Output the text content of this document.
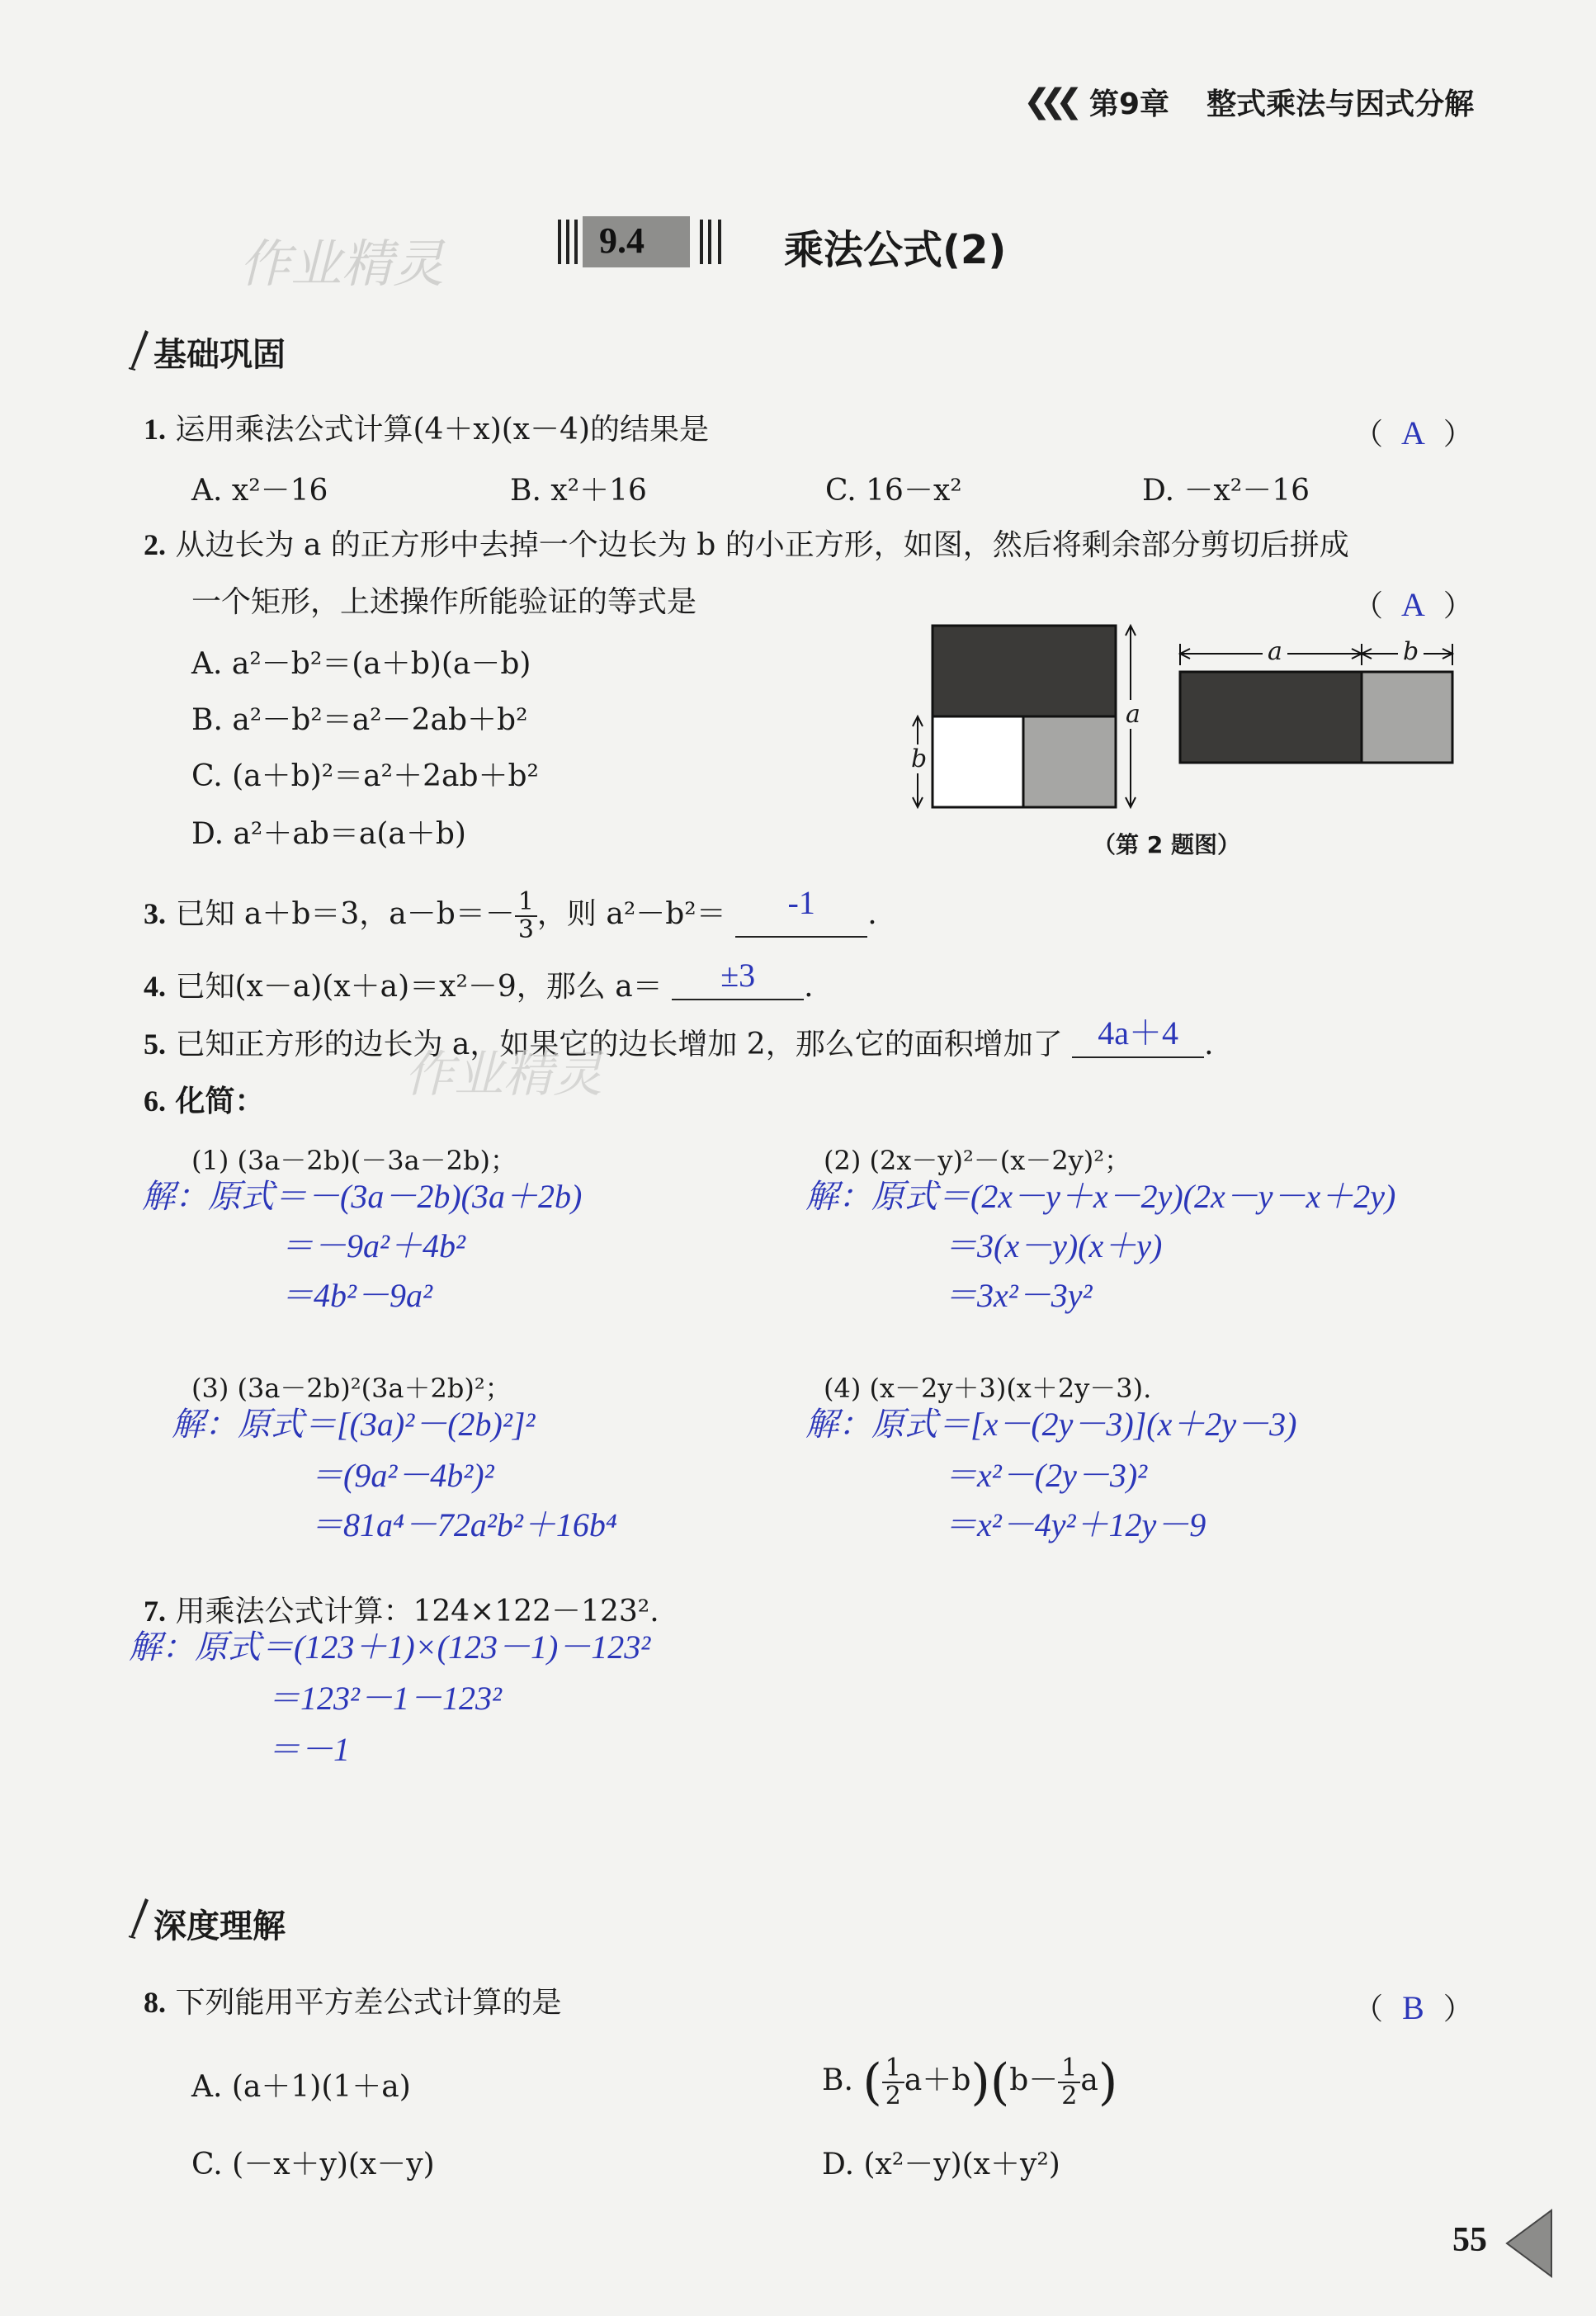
❮❮❮ 第9章 整式乘法与因式分解
作业精灵	9.4	乘法公式(2)
基础巩固
1. 运用乘法公式计算(4＋x)(x－4)的结果是	（ A ）
A. x²－16	B. x²＋16	C. 16－x²	D. －x²－16
2. 从边长为 a 的正方形中去掉一个边长为 b 的小正方形，如图，然后将剩余部分剪切后拼成
一个矩形，上述操作所能验证的等式是	（ A ）
A. a²－b²＝(a＋b)(a－b)
B. a²－b²＝a²－2ab＋b²
C. (a＋b)²＝a²＋2ab＋b²
D. a²＋ab＝a(a＋b)
a
b
a	b
（第 2 题图）
3. 已知 a＋b＝3，$a-b=- \frac{1}{3}$ ，则 a²－b²＝ -1 .
4. 已知(x－a)(x＋a)＝x²－9，那么 a＝ ±3 .
5. 已知正方形的边长为 a，如果它的边长增加 2，那么它的面积增加了 4a＋4 .
作业精灵
6. 化简：
(1) (3a－2b)(－3a－2b)；
解：原式＝－(3a－2b)(3a＋2b)
＝－9a²＋4b²
＝4b²－9a²
(2) (2x－y)²－(x－2y)²；
解：原式＝(2x－y＋x－2y)(2x－y－x＋2y)
＝3(x－y)(x＋y)
＝3x²－3y²
(3) (3a－2b)²(3a＋2b)²；
解：原式＝[(3a)²－(2b)²]²
＝(9a²－4b²)²
＝81a⁴－72a²b²＋16b⁴
(4) (x－2y＋3)(x＋2y－3).
解：原式＝[x－(2y－3)](x＋2y－3)
＝x²－(2y－3)²
＝x²－4y²＋12y－9
7. 用乘法公式计算：124×122－123².
解：原式＝(123＋1)×(123－1)－123²
＝123²－1－123²
＝－1
深度理解
8. 下列能用平方差公式计算的是	（ B ）
A. (a＋1)(1＋a)	B. ( $\frac{1}{2} a+b)(b- \frac{1}{2} a)$
C. (－x＋y)(x－y)	D. (x²－y)(x＋y²)
55
